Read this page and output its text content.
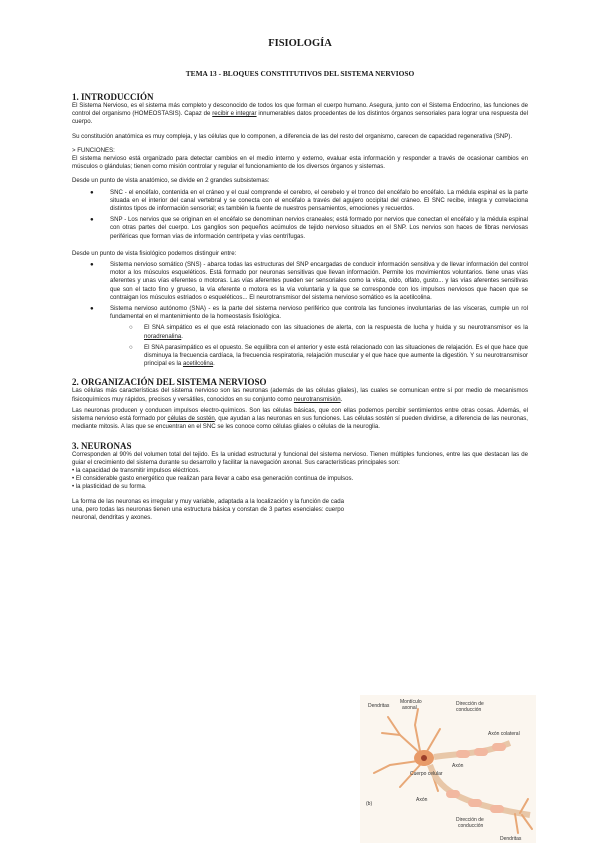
FISIOLOGÍA
TEMA 13 - BLOQUES CONSTITUTIVOS DEL SISTEMA NERVIOSO
1. INTRODUCCIÓN

El Sistema Nervioso, es el sistema más completo y desconocido de todos los que forman el cuerpo humano. Asegura, junto con el Sistema Endocrino, las funciones de control del organismo (HOMEOSTASIS). Capaz de recibir e integrar innumerables datos procedentes de los distintos órganos sensoriales para lograr una respuesta del cuerpo.

Su constitución anatómica es muy compleja, y las células que lo componen, a diferencia de las del resto del organismo, carecen de capacidad regenerativa (SNP).

> FUNCIONES:

El sistema nervioso está organizado para detectar cambios en el medio interno y externo, evaluar esta información y responder a través de ocasionar cambios en músculos o glándulas; tienen como misión controlar y regular el funcionamiento de los diversos órganos y sistemas.

Desde un punto de vista anatómico, se divide en 2 grandes subsistemas:

●	SNC - el encéfalo, contenida en el cráneo y el cual comprende el cerebro, el cerebelo y el tronco del encéfalo bo encéfalo. La médula espinal es la parte situada en el interior del canal vertebral y se conecta con el encéfalo a través del agujero occipital del cráneo. El SNC recibe, integra y correlaciona distintos tipos de información sensorial; es también la fuente de nuestros pensamientos, emociones y recuerdos.
●	SNP - Los nervios que se originan en el encéfalo se denominan nervios craneales; está formado por nervios que conectan el encéfalo y la médula espinal con otras partes del cuerpo. Los ganglios son pequeños acúmulos de tejido nervioso situados en el SNP. Los nervios son haces de fibras nerviosas periféricas que forman vías de información centrípeta y vías centrífugas.

Desde un punto de vista fisiológico podemos distinguir entre:

●	Sistema nervioso somático (SNS) - abarca todas las estructuras del SNP encargadas de conducir información sensitiva y de llevar información del control motor a los músculos esqueléticos. Está formado por neuronas sensitivas que llevan información. Permite los movimientos voluntarios. tiene unas vías aferentes y unas vías eferentes o motoras. Las vías aferentes pueden ser sensoriales como la vista, oído, olfato, gusto... y las vías aferentes sensitivas que son el tacto fino y grueso, la vía eferente o motora es la vía voluntaria y la que se corresponde con los impulsos nerviosos que hacen que se contraigan los músculos estriados o esqueléticos... El neurotransmisor del sistema nervioso somático es la acetilcolina.
●	Sistema nervioso autónomo (SNA) - es la parte del sistema nervioso periférico que controla las funciones involuntarias de las vísceras, cumple un rol fundamental en el mantenimiento de la homeostasis fisiológica.
○ El SNA simpático es el que está relacionado con las situaciones de alerta, con la respuesta de lucha y huida y su neurotransmisor es la noradrenalina.
○ El SNA parasimpático es el opuesto. Se equilibra con el anterior y este está relacionado con las situaciones de relajación. Es el que hace que disminuya la frecuencia cardíaca, la frecuencia respiratoria, relajación muscular y el que hace que aumente la digestión. Y su neurotransmisor principal es la acetilcolina.
2. ORGANIZACIÓN DEL SISTEMA NERVIOSO

Las células más características del sistema nervioso son las neuronas (además de las células gliales), las cuales se comunican entre sí por medio de mecanismos fisicoquímicos muy rápidos, precisos y versátiles, conocidos en su conjunto como neurotransmisión.

Las neuronas producen y conducen impulsos electro-químicos. Son las células básicas, que con ellas podemos percibir sentimientos entre otras cosas. Además, el sistema nervioso está formado por células de sostén, que ayudan a las neuronas en sus funciones. Las células sostén sí pueden dividirse, a diferencia de las neuronas, mediante mitosis. A las que se encuentran en el SNC se les conoce como células gliales o células de la neuroglia.

3. NEURONAS

Corresponden al 90% del volumen total del tejido. Es la unidad estructural y funcional del sistema nervioso. Tienen múltiples funciones, entre las que destacan las de guiar el crecimiento del sistema durante su desarrollo y facilitar la navegación axonal. Sus características principales son:

• la capacidad de transmitir impulsos eléctricos.
• El considerable gasto energético que realizan para llevar a cabo esa generación continua de impulsos.
• la plasticidad de su forma.

La forma de las neuronas es irregular y muy variable, adaptada a la localización y la función de cada una, pero todas las neuronas tienen una estructura básica y constan de 3 partes esenciales: cuerpo neuronal, dendritas y axones.

Dendritas
Montículo
axonal
Dirección de
conducción
Axón colateral
Cuerpo celular
Axón
Axón
Dirección de
conducción
(b)
Dendritas
